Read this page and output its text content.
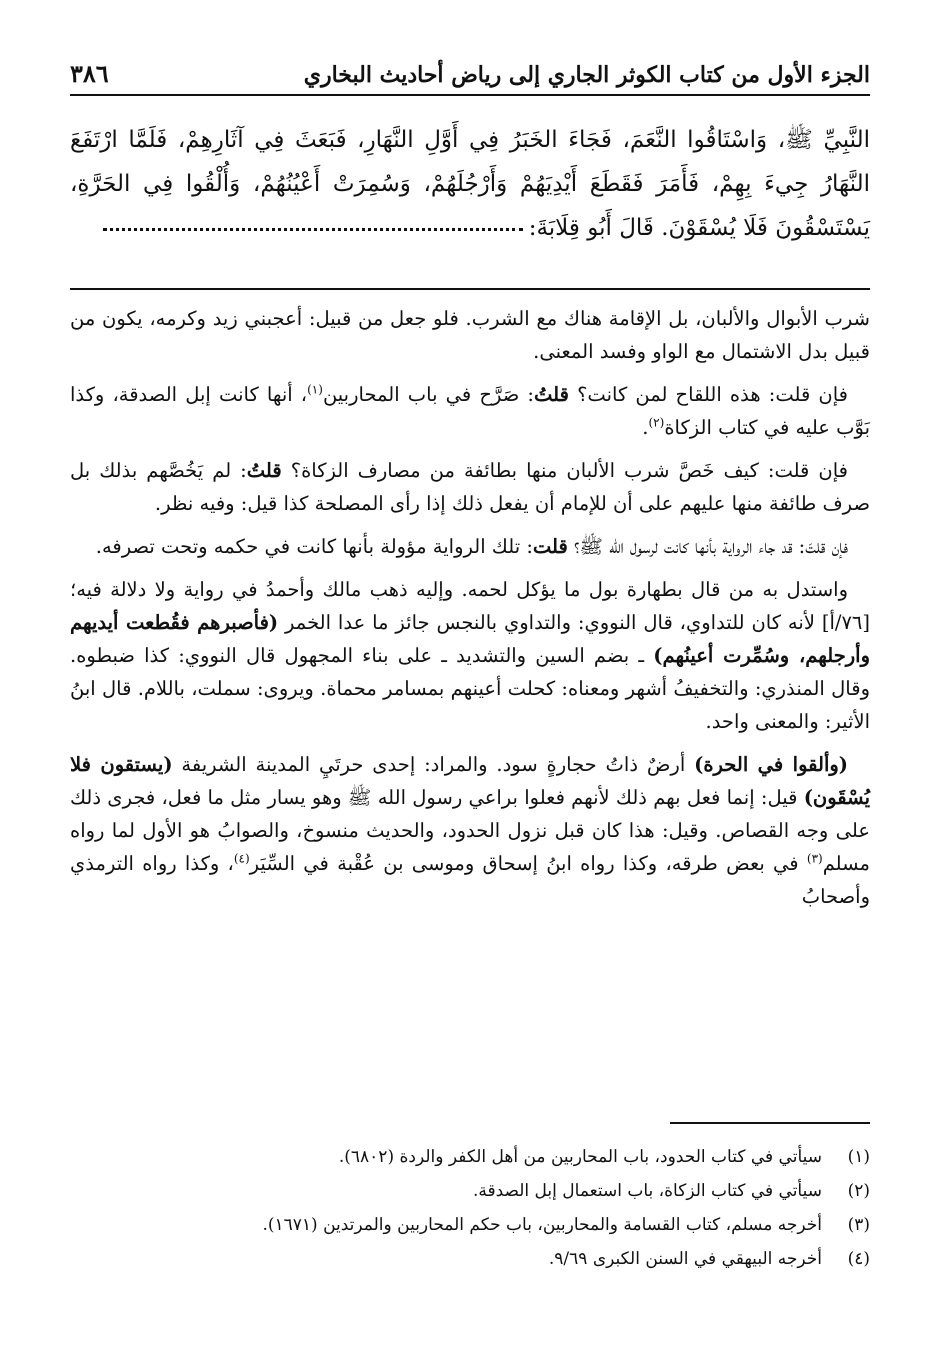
الجزء الأول من كتاب الكوثر الجاري إلى رياض أحاديث البخاري
٣٨٦

النَّبِيِّ ﷺ، وَاسْتَاقُوا النَّعَمَ، فَجَاءَ الخَبَرُ فِي أَوَّلِ النَّهَارِ، فَبَعَثَ فِي آثَارِهِمْ، فَلَمَّا ارْتَفَعَ النَّهَارُ جِيءَ بِهِمْ، فَأَمَرَ فَقَطَعَ أَيْدِيَهُمْ وَأَرْجُلَهُمْ، وَسُمِرَتْ أَعْيُنُهُمْ، وَأُلْقُوا فِي الحَرَّةِ، يَسْتَسْقُونَ فَلَا يُسْقَوْنَ. قَالَ أَبُو قِلَابَةَ:

شرب الأبوال والألبان، بل الإقامة هناك مع الشرب. فلو جعل من قبيل: أعجبني زيد وكرمه، يكون من قبيل بدل الاشتمال مع الواو وفسد المعنى.

فإن قلت: هذه اللقاح لمن كانت؟ قلتُ: صَرَّح في باب المحاربين$^{(١)}$، أنها كانت إبل الصدقة، وكذا بَوَّب عليه في كتاب الزكاة$^{(٢)}$.

فإن قلت: كيف خَصَّ شرب الألبان منها بطائفة من مصارف الزكاة؟ قلتُ: لم يَخُصَّهم بذلك بل صرف طائفة منها عليهم على أن للإمام أن يفعل ذلك إذا رأى المصلحة كذا قيل: وفيه نظر.

فإن قلتَ: قد جاء الرواية بأنها كانت لرسول الله ﷺ؟ قلت: تلك الرواية مؤولة بأنها كانت في حكمه وتحت تصرفه.

واستدل به من قال بطهارة بول ما يؤكل لحمه. وإليه ذهب مالك وأحمدُ في رواية ولا دلالة فيه؛ [٧٦/أ] لأنه كان للتداوي، قال النووي: والتداوي بالنجس جائز ما عدا الخمر (فأصبرهم فقُطعت أيديهم وأرجلهم، وسُمِّرت أعينُهم) ـ بضم السين والتشديد ـ على بناء المجهول قال النووي: كذا ضبطوه. وقال المنذري: والتخفيفُ أشهر ومعناه: كحلت أعينهم بمسامر محماة. ويروى: سملت، باللام. قال ابنُ الأثير: والمعنى واحد.

(وألقوا في الحرة) أرضٌ ذاتُ حجارةٍ سود. والمراد: إحدى حرتَيِ المدينة الشريفة (يستقون فلا يُسْقَون) قيل: إنما فعل بهم ذلك لأنهم فعلوا براعي رسول الله ﷺ وهو يسار مثل ما فعل، فجرى ذلك على وجه القصاص. وقيل: هذا كان قبل نزول الحدود، والحديث منسوخ، والصوابُ هو الأول لما رواه مسلم$^{(٣)}$ في بعض طرقه، وكذا رواه ابنُ إسحاق وموسى بن عُقْبة في السِّيَر$^{(٤)}$، وكذا رواه الترمذي وأصحابُ

(١)
سيأتي في كتاب الحدود، باب المحاربين من أهل الكفر والردة (٦٨٠٢).
(٢)
سيأتي في كتاب الزكاة، باب استعمال إبل الصدقة.
(٣)
أخرجه مسلم، كتاب القسامة والمحاربين، باب حكم المحاربين والمرتدين (١٦٧١).
(٤)
أخرجه البيهقي في السنن الكبرى ٩/٦٩.
